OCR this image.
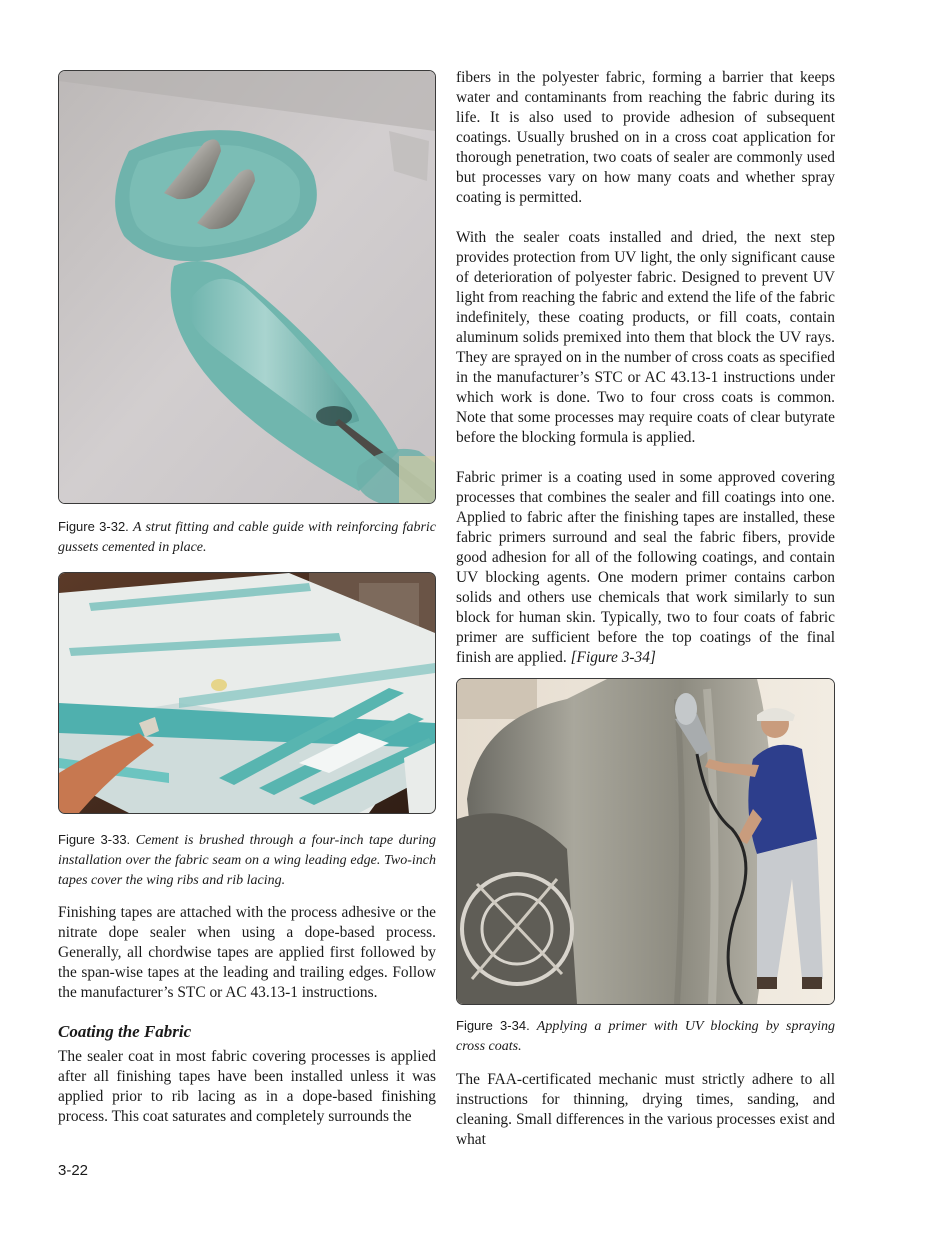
Figure 3-32. A strut fitting and cable guide with reinforcing fabric gussets cemented in place.

Figure 3-33. Cement is brushed through a four-inch tape during installation over the fabric seam on a wing leading edge. Two-inch tapes cover the wing ribs and rib lacing.

Finishing tapes are attached with the process adhesive or the nitrate dope sealer when using a dope-based process. Generally, all chordwise tapes are applied first followed by the span-wise tapes at the leading and trailing edges. Follow the manufacturer’s STC or AC 43.13-1 instructions.

Coating the Fabric

The sealer coat in most fabric covering processes is applied after all finishing tapes have been installed unless it was applied prior to rib lacing as in a dope-based finishing process. This coat saturates and completely surrounds the

fibers in the polyester fabric, forming a barrier that keeps water and contaminants from reaching the fabric during its life. It is also used to provide adhesion of subsequent coatings. Usually brushed on in a cross coat application for thorough penetration, two coats of sealer are commonly used but processes vary on how many coats and whether spray coating is permitted.

With the sealer coats installed and dried, the next step provides protection from UV light, the only significant cause of deterioration of polyester fabric. Designed to prevent UV light from reaching the fabric and extend the life of the fabric indefinitely, these coating products, or fill coats, contain aluminum solids premixed into them that block the UV rays. They are sprayed on in the number of cross coats as specified in the manufacturer’s STC or AC 43.13-1 instructions under which work is done. Two to four cross coats is common. Note that some processes may require coats of clear butyrate before the blocking formula is applied.

Fabric primer is a coating used in some approved covering processes that combines the sealer and fill coatings into one. Applied to fabric after the finishing tapes are installed, these fabric primers surround and seal the fabric fibers, provide good adhesion for all of the following coatings, and contain UV blocking agents. One modern primer contains carbon solids and others use chemicals that work similarly to sun block for human skin. Typically, two to four coats of fabric primer are sufficient before the top coatings of the final finish are applied. [Figure 3-34]

Figure 3-34. Applying a primer with UV blocking by spraying cross coats.

The FAA-certificated mechanic must strictly adhere to all instructions for thinning, drying times, sanding, and cleaning. Small differences in the various processes exist and what

3-22
